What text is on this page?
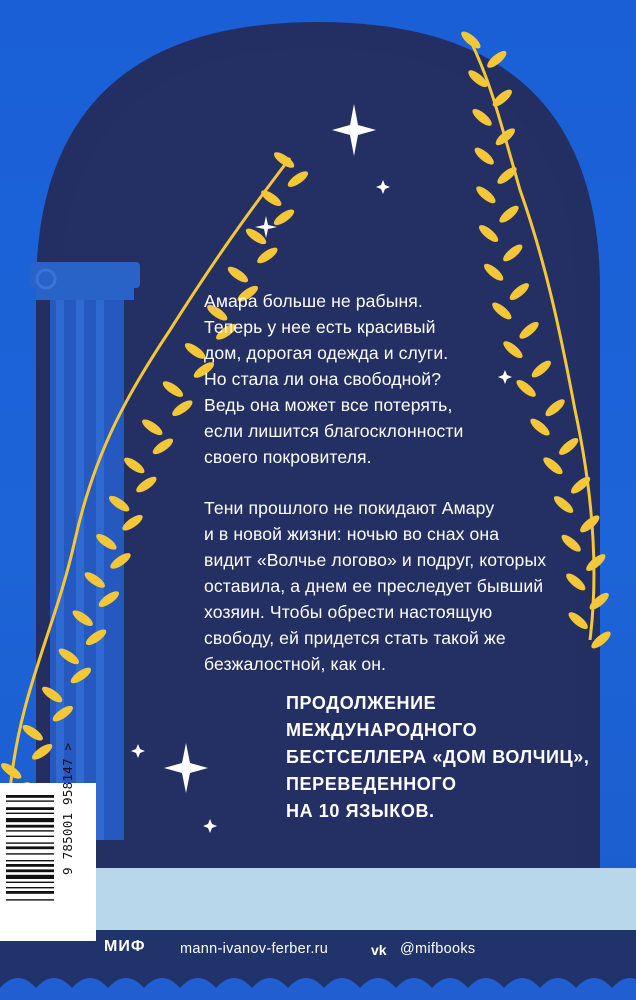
Амара больше не рабыня.
Теперь у нее есть красивый
дом, дорогая одежда и слуги.
Но стала ли она свободной?
Ведь она может все потерять,
если лишится благосклонности
своего покровителя.
Тени прошлого не покидают Амару
и в новой жизни: ночью во снах она
видит «Волчье логово» и подруг, которых
оставила, а днем ее преследует бывший
хозяин. Чтобы обрести настоящую
свободу, ей придется стать такой же
безжалостной, как он.
ПРОДОЛЖЕНИЕ
МЕЖДУНАРОДНОГО
БЕСТСЕЛЛЕРА «ДОМ ВОЛЧИЦ»,
ПЕРЕВЕДЕННОГО
НА 10 ЯЗЫКОВ.
9 785001 958147 >
МИФ mann-ivanov-ferber.ru	vk @mifbooks
